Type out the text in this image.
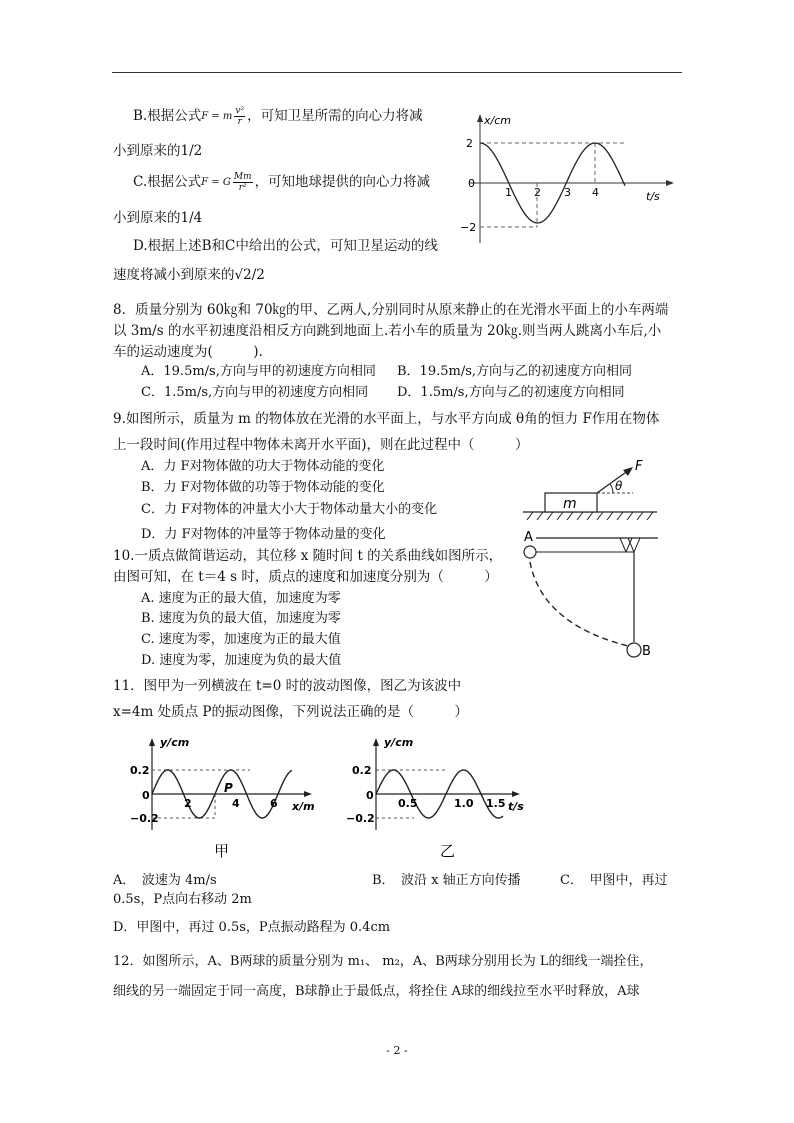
B.根据公式F = m $\frac{\text{v²}}{r}$ ，可知卫星所需的向心力将减
小到原来的1/2
C.根据公式F = G $\frac{Mm}{\text{r²}}$ ，可知地球提供的向心力将减
小到原来的1/4
D.根据上述B和C中给出的公式，可知卫星运动的线
速度将减小到原来的√2/2
x/cm
t/s
2
0
−2
1 2 3 4
8．质量分别为 60㎏和 70㎏的甲、乙两人,分别同时从原来静止的在光滑水平面上的小车两端
以 3m/s 的水平初速度沿相反方向跳到地面上.若小车的质量为 20㎏.则当两人跳离小车后,小
车的运动速度为(　　　).
A．19.5m/s,方向与甲的初速度方向相同 B．19.5m/s,方向与乙的初速度方向相同
C．1.5m/s,方向与甲的初速度方向相同 D．1.5m/s,方向与乙的初速度方向相同
9.如图所示，质量为 m 的物体放在光滑的水平面上，与水平方向成 θ角的恒力 F作用在物体
上一段时间(作用过程中物体未离开水平面)，则在此过程中（　　　）
A．力 F对物体做的功大于物体动能的变化
B．力 F对物体做的功等于物体动能的变化
C．力 F对物体的冲量大小大于物体动量大小的变化
D．力 F对物体的冲量等于物体动量的变化
m
θ
F
10.一质点做简谐运动，其位移 x 随时间 t 的关系曲线如图所示，
由图可知，在 t＝4 s 时，质点的速度和加速度分别为（　　　）
A. 速度为正的最大值，加速度为零
B. 速度为负的最大值，加速度为零
C. 速度为零，加速度为正的最大值
D. 速度为零，加速度为负的最大值
A
B
11．图甲为一列横波在 t=0 时的波动图像，图乙为该波中
x=4m 处质点 P的振动图像，下列说法正确的是（　　　）
y/cm
0.2
−0.2
0
2	4	6
P
x/m
甲
y/cm
0.2
−0.2
0
0.5	1.0 1.5 t/s
乙
A．　波速为 4m/s	B．　波沿 x 轴正方向传播	C．　甲图中，再过
0.5s，P点向右移动 2m
D．甲图中，再过 0.5s，P点振动路程为 0.4cm
12．如图所示，A、B两球的质量分别为 m₁、 m₂，A、B两球分别用长为 L的细线一端拴住，
细线的另一端固定于同一高度，B球静止于最低点，将拴住 A球的细线拉至水平时释放，A球
- 2 -
